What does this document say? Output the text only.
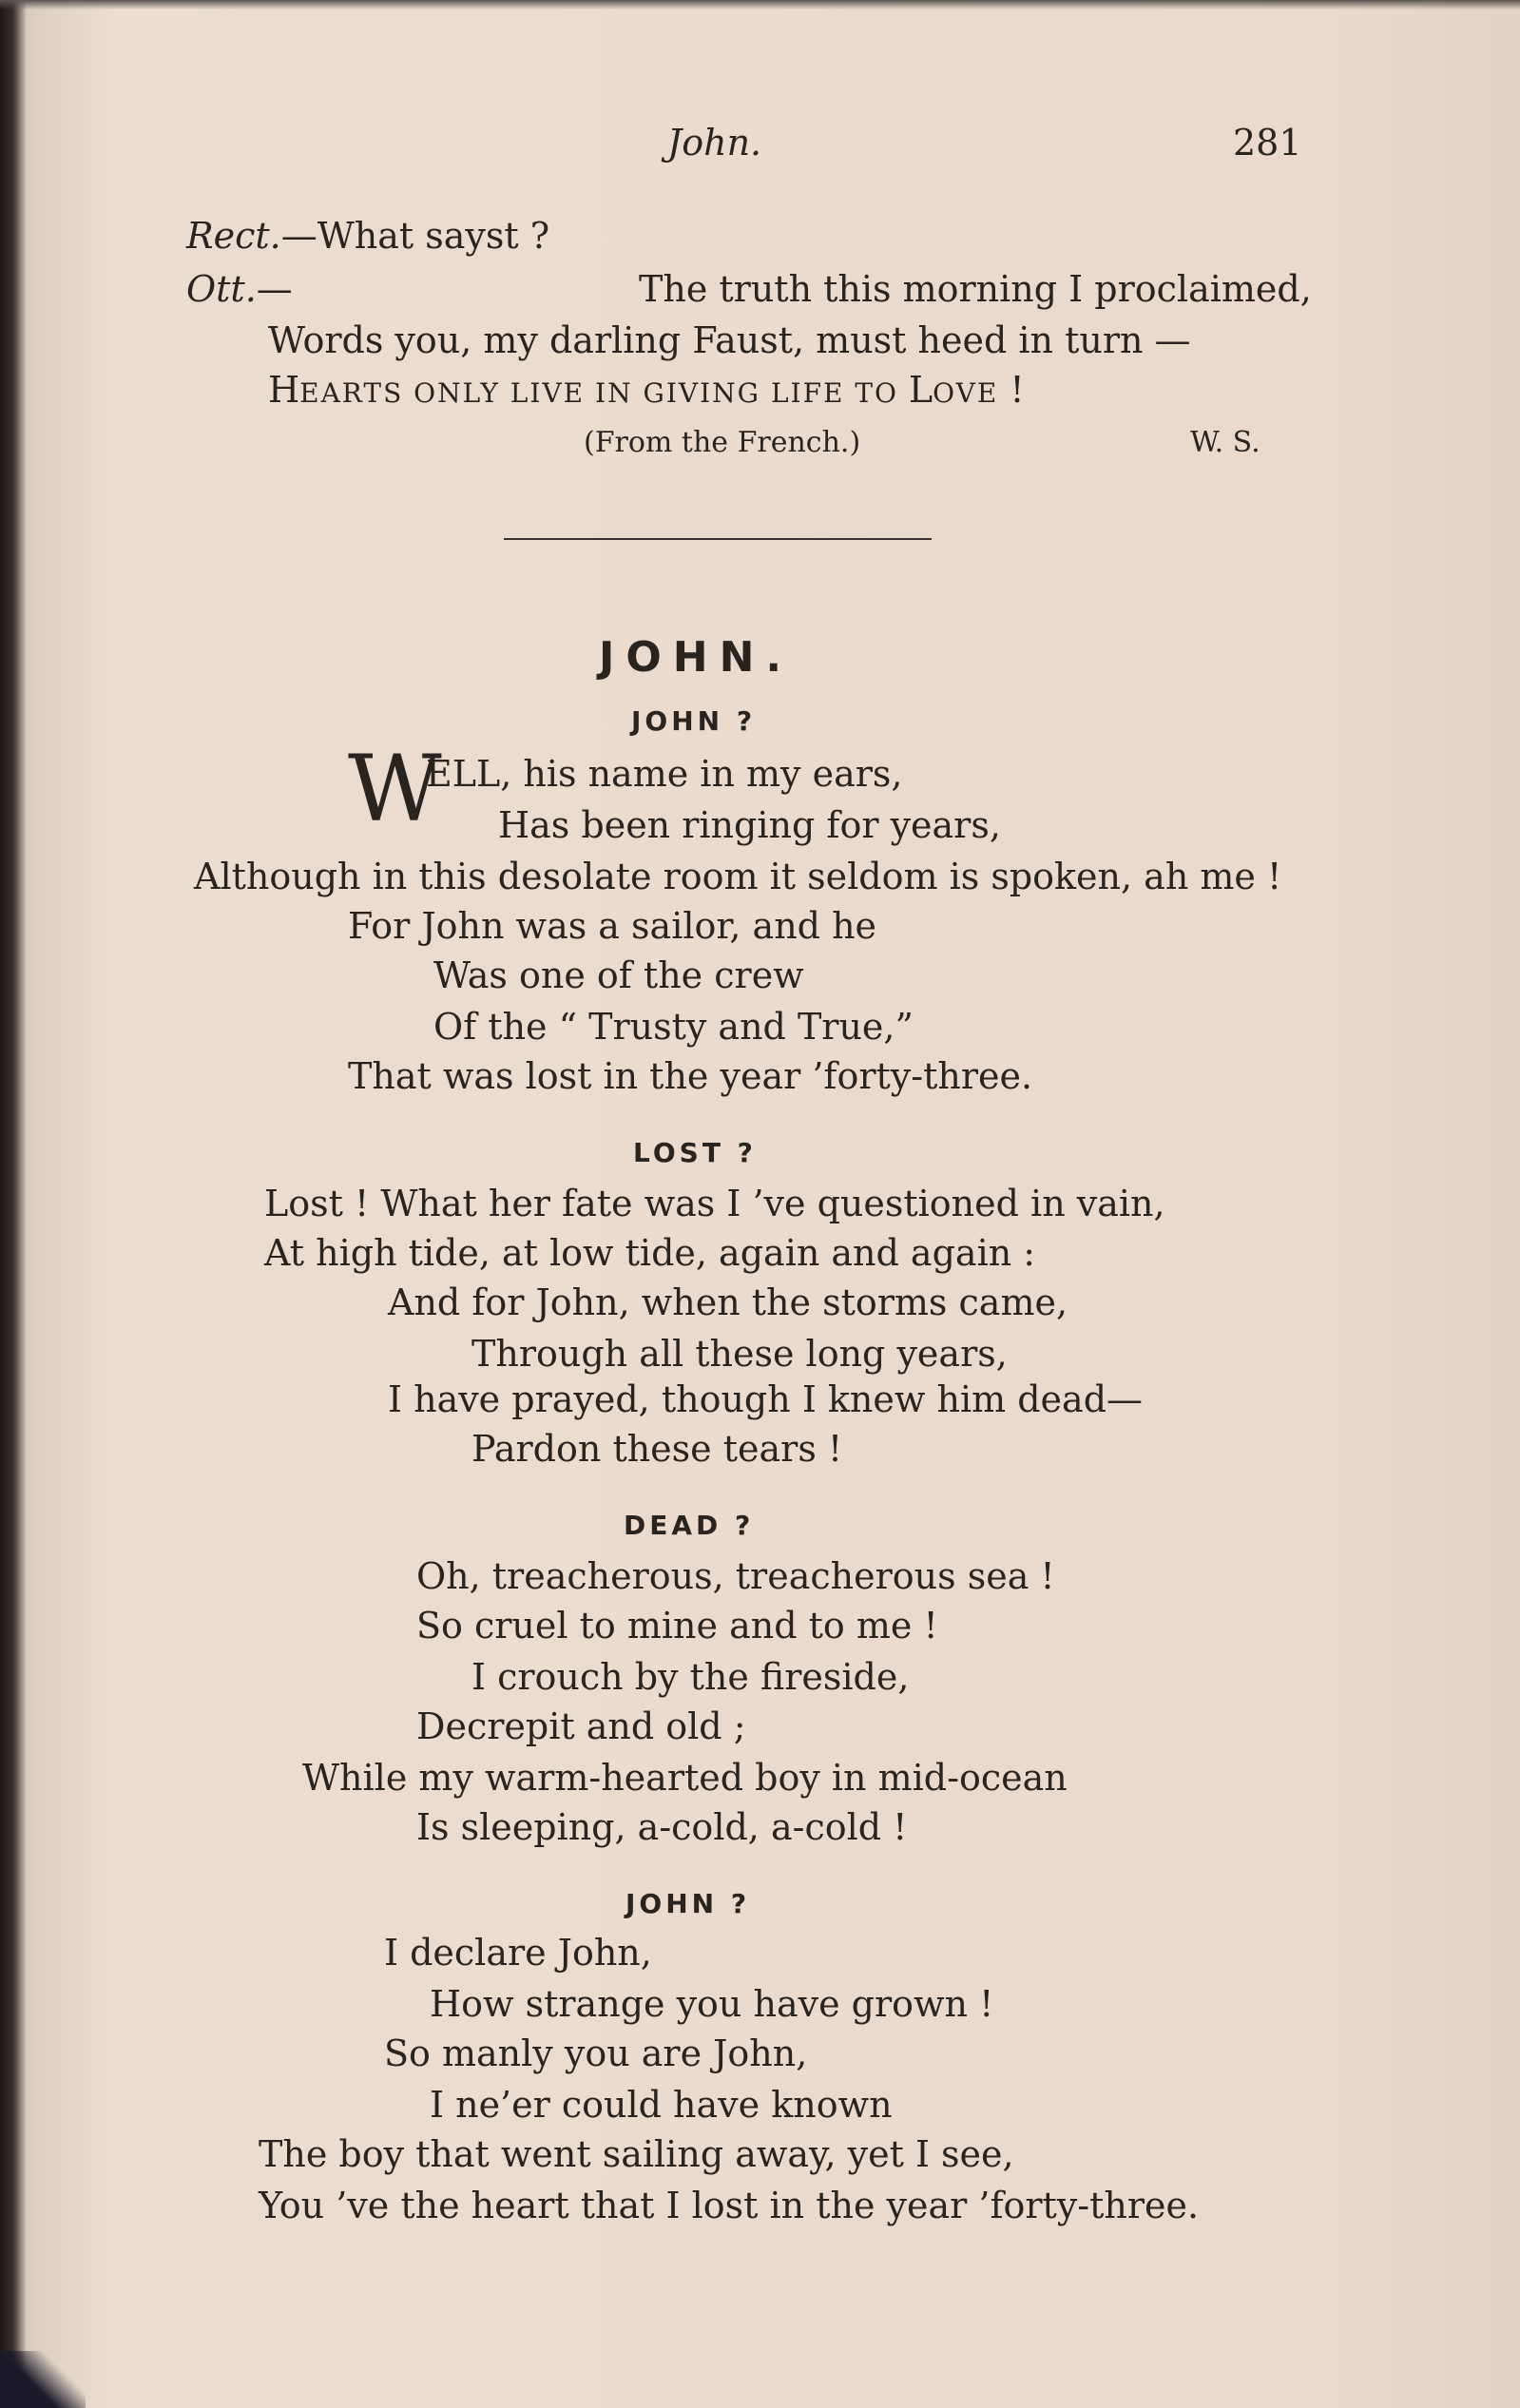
John.	281
Rect.—What sayst ?
Ott.—	The truth this morning I proclaimed,
Words you, my darling Faust, must heed in turn —
HEARTS ONLY LIVE IN GIVING LIFE TO LOVE !
(From the French.)	W. S.
JOHN.
JOHN ?
W
ELL, his name in my ears,
Has been ringing for years,
Although in this desolate room it seldom is spoken, ah me !
For John was a sailor, and he
Was one of the crew
Of the “ Trusty and True,”
That was lost in the year ’forty-three.
LOST ?
Lost ! What her fate was I ’ve questioned in vain,
At high tide, at low tide, again and again :
And for John, when the storms came,
Through all these long years,
I have prayed, though I knew him dead—
Pardon these tears !
DEAD ?
Oh, treacherous, treacherous sea !
So cruel to mine and to me !
I crouch by the fireside,
Decrepit and old ;
While my warm-hearted boy in mid-ocean
Is sleeping, a-cold, a-cold !
JOHN ?
I declare John,
How strange you have grown !
So manly you are John,
I ne’er could have known
The boy that went sailing away, yet I see,
You ’ve the heart that I lost in the year ’forty-three.
